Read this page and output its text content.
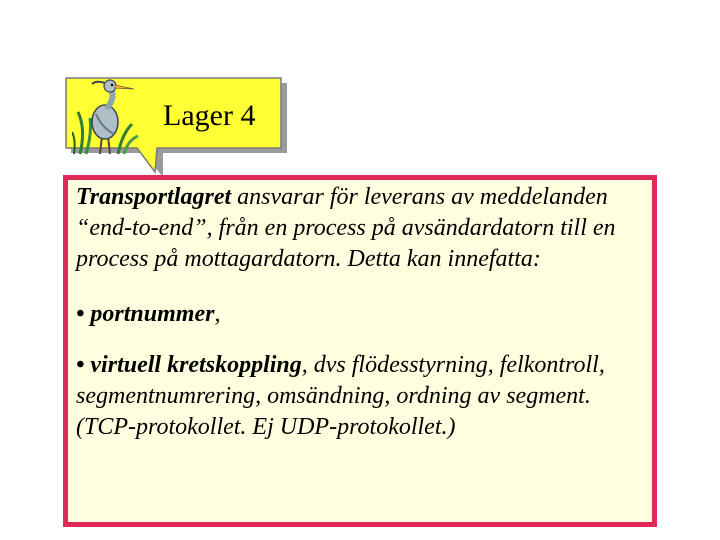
Lager 4

Transportlagret ansvarar för leverans av meddelanden “end-to-end”, från en process på avsändardatorn till en process på mottagardatorn. Detta kan innefatta:

• portnummer,

• virtuell kretskoppling, dvs flödesstyrning, felkontroll, segmentnumrering, omsändning, ordning av segment. (TCP-protokollet. Ej UDP-protokollet.)
